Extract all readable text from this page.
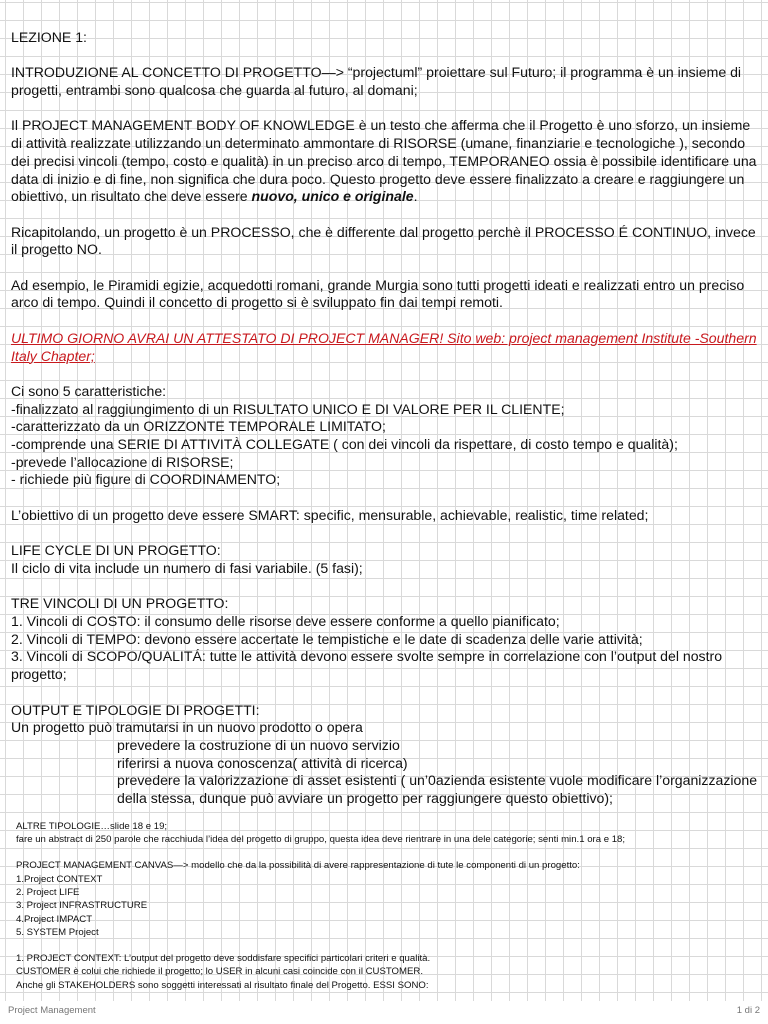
LEZIONE 1:

INTRODUZIONE AL CONCETTO DI PROGETTO—> “projectuml” proiettare sul Futuro; il programma è un insieme di progetti, entrambi sono qualcosa che guarda al futuro, al domani;

Il PROJECT MANAGEMENT BODY OF KNOWLEDGE è un testo che afferma che il Progetto è uno sforzo, un insieme di attività realizzate utilizzando un determinato ammontare di RISORSE (umane, finanziarie e tecnologiche ), secondo dei precisi vincoli (tempo, costo e qualità) in un preciso arco di tempo, TEMPORANEO ossia è possibile identificare una data di inizio e di fine, non significa che dura poco. Questo progetto deve essere finalizzato a creare e raggiungere un obiettivo, un risultato che deve essere nuovo, unico e originale.

Ricapitolando, un progetto è un PROCESSO, che è differente dal progetto perchè il PROCESSO É CONTINUO, invece il progetto NO.

Ad esempio, le Piramidi egizie, acquedotti romani, grande Murgia sono tutti progetti ideati e realizzati entro un preciso arco di tempo. Quindi il concetto di progetto si è sviluppato fin dai tempi remoti.

ULTIMO GIORNO AVRAI UN ATTESTATO DI PROJECT MANAGER! Sito web: project management Institute -Southern Italy Chapter;

Ci sono 5 caratteristiche:

-finalizzato al raggiungimento di un RISULTATO UNICO E DI VALORE PER IL CLIENTE;

-caratterizzato da un ORIZZONTE TEMPORALE LIMITATO;

-comprende una SERIE DI ATTIVITÀ COLLEGATE ( con dei vincoli da rispettare, di costo tempo e qualità);

-prevede l’allocazione di RISORSE;

- richiede più figure di COORDINAMENTO;

L’obiettivo di un progetto deve essere SMART: specific, mensurable, achievable, realistic, time related;

LIFE CYCLE DI UN PROGETTO:

Il ciclo di vita include un numero di fasi variabile. (5 fasi);

TRE VINCOLI DI UN PROGETTO:

1. Vincoli di COSTO: il consumo delle risorse deve essere conforme a quello pianificato;

2. Vincoli di TEMPO: devono essere accertate le tempistiche e le date di scadenza delle varie attività;

3. Vincoli di SCOPO/QUALITÁ: tutte le attività devono essere svolte sempre in correlazione con l’output del nostro progetto;

OUTPUT E TIPOLOGIE DI PROGETTI:

Un progetto può tramutarsi in un nuovo prodotto o opera

prevedere la costruzione di un nuovo servizio

riferirsi a nuova conoscenza( attività di ricerca)

prevedere la valorizzazione di asset esistenti ( un’0azienda esistente vuole modificare l’organizzazione della stessa, dunque può avviare un progetto per raggiungere questo obiettivo);

ALTRE TIPOLOGIE…slide 18 e 19;

fare un abstract di 250 parole che racchiuda l’idea del progetto di gruppo, questa idea deve rientrare in una dele categorie; senti min.1 ora e 18;

PROJECT MANAGEMENT CANVAS—> modello che da la possibilità di avere rappresentazione di tute le componenti di un progetto:

1.Project CONTEXT

2. Project LIFE

3. Project INFRASTRUCTURE

4.Project IMPACT

5. SYSTEM Project

1. PROJECT CONTEXT: L’output del progetto deve soddisfare specifici particolari criteri e qualità.

CUSTOMER è colui che richiede il progetto; lo USER in alcuni casi coincide con il CUSTOMER.

Anche gli STAKEHOLDERS sono soggetti interessati al risultato finale del Progetto. ESSI SONO:

Project Management	1 di 2
